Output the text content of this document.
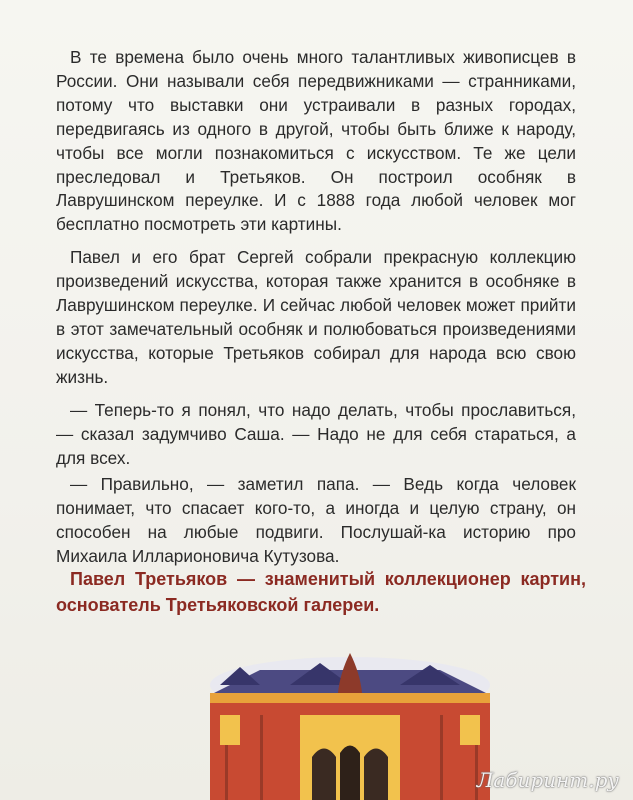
В те времена было очень много талантливых живописцев в России. Они называли себя передвижниками — странниками, потому что выставки они устраивали в разных городах, передвигаясь из одного в другой, чтобы быть ближе к народу, чтобы все могли познакомиться с искусством. Те же цели преследовал и Третьяков. Он построил особняк в Лаврушинском переулке. И с 1888 года любой человек мог бесплатно посмотреть эти картины.

Павел и его брат Сергей собрали прекрасную коллекцию произведений искусства, которая также хранится в особняке в Лаврушинском переулке. И сейчас любой человек может прийти в этот замечательный особняк и полюбоваться произведениями искусства, которые Третьяков собирал для народа всю свою жизнь.

— Теперь-то я понял, что надо делать, чтобы прославиться, — сказал задумчиво Саша. — Надо не для себя стараться, а для всех.

— Правильно, — заметил папа. — Ведь когда человек понимает, что спасает кого-то, а иногда и целую страну, он способен на любые подвиги. Послушай-ка историю про Михаила Илларионовича Кутузова.

Павел Третьяков — знаменитый коллекционер картин, основатель Третьяковской галереи.
Лабиринт.ру
